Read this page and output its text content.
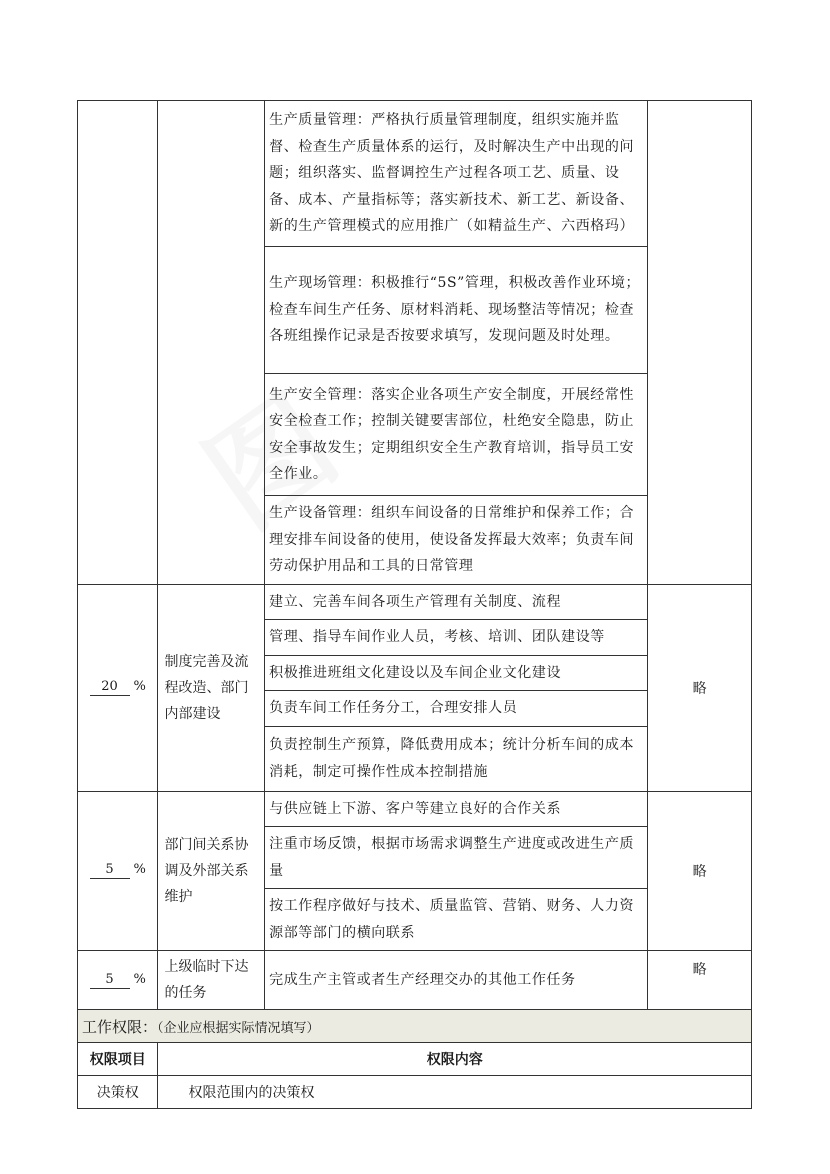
		生产质量管理：严格执行质量管理制度，组织实施并监督、检查生产质量体系的运行，及时解决生产中出现的问题；组织落实、监督调控生产过程各项工艺、质量、设备、成本、产量指标等；落实新技术、新工艺、新设备、新的生产管理模式的应用推广（如精益生产、六西格玛）	
		生产现场管理：积极推行“5S”管理，积极改善作业环境；检查车间生产任务、原材料消耗、现场整洁等情况；检查各班组操作记录是否按要求填写，发现问题及时处理。	
		生产安全管理：落实企业各项生产安全制度，开展经常性安全检查工作；控制关键要害部位，杜绝安全隐患，防止安全事故发生；定期组织安全生产教育培训，指导员工安全作业。	
		生产设备管理：组织车间设备的日常维护和保养工作；合理安排车间设备的使用，使设备发挥最大效率；负责车间劳动保护用品和工具的日常管理	
20 %	制度完善及流程改造、部门内部建设	建立、完善车间各项生产管理有关制度、流程	略
		管理、指导车间作业人员，考核、培训、团队建设等	
		积极推进班组文化建设以及车间企业文化建设	
		负责车间工作任务分工，合理安排人员	
		负责控制生产预算，降低费用成本；统计分析车间的成本消耗，制定可操作性成本控制措施	
5 %	部门间关系协调及外部关系维护	与供应链上下游、客户等建立良好的合作关系	略
		注重市场反馈，根据市场需求调整生产进度或改进生产质量	
		按工作程序做好与技术、质量监管、营销、财务、人力资源部等部门的横向联系	
5 %	上级临时下达的任务	完成生产主管或者生产经理交办的其他工作任务	略
工作权限：（企业应根据实际情况填写）			
权限项目	权限内容		
决策权	权限范围内的决策权		
